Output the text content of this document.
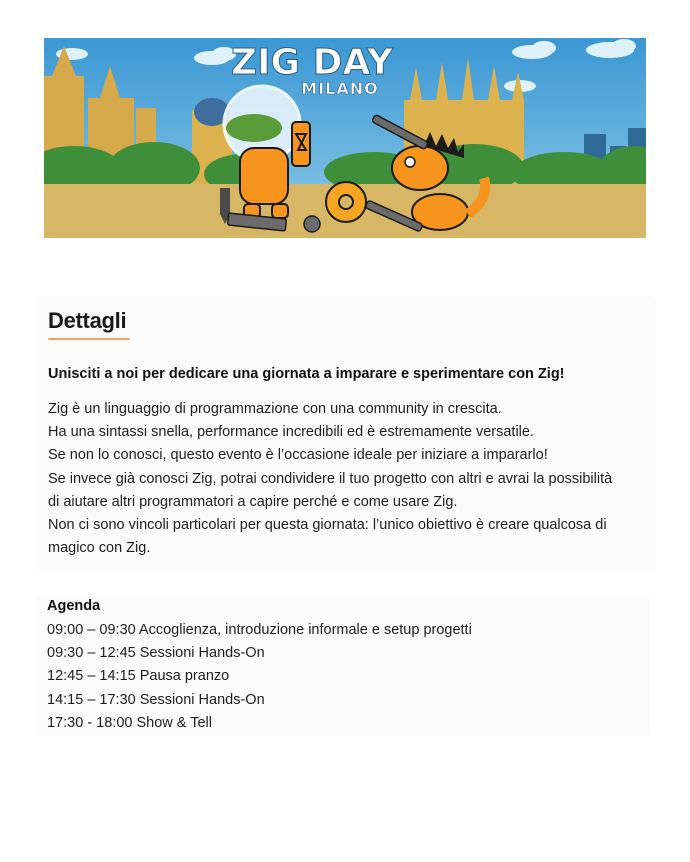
ZIG DAY
MILANO
Dettagli
Unisciti a noi per dedicare una giornata a imparare e sperimentare con Zig!

Zig è un linguaggio di programmazione con una community in crescita.

Ha una sintassi snella, performance incredibili ed è estremamente versatile.

Se non lo conosci, questo evento è l’occasione ideale per iniziare a impararlo!

Se invece già conosci Zig, potrai condividere il tuo progetto con altri e avrai la possibilità

di aiutare altri programmatori a capire perché e come usare Zig.

Non ci sono vincoli particolari per questa giornata: l’unico obiettivo è creare qualcosa di

magico con Zig.

Agenda
09:00 – 09:30 Accoglienza, introduzione informale e setup progetti
09:30 – 12:45 Sessioni Hands-On
12:45 – 14:15 Pausa pranzo
14:15 – 17:30 Sessioni Hands-On
17:30 - 18:00 Show & Tell
